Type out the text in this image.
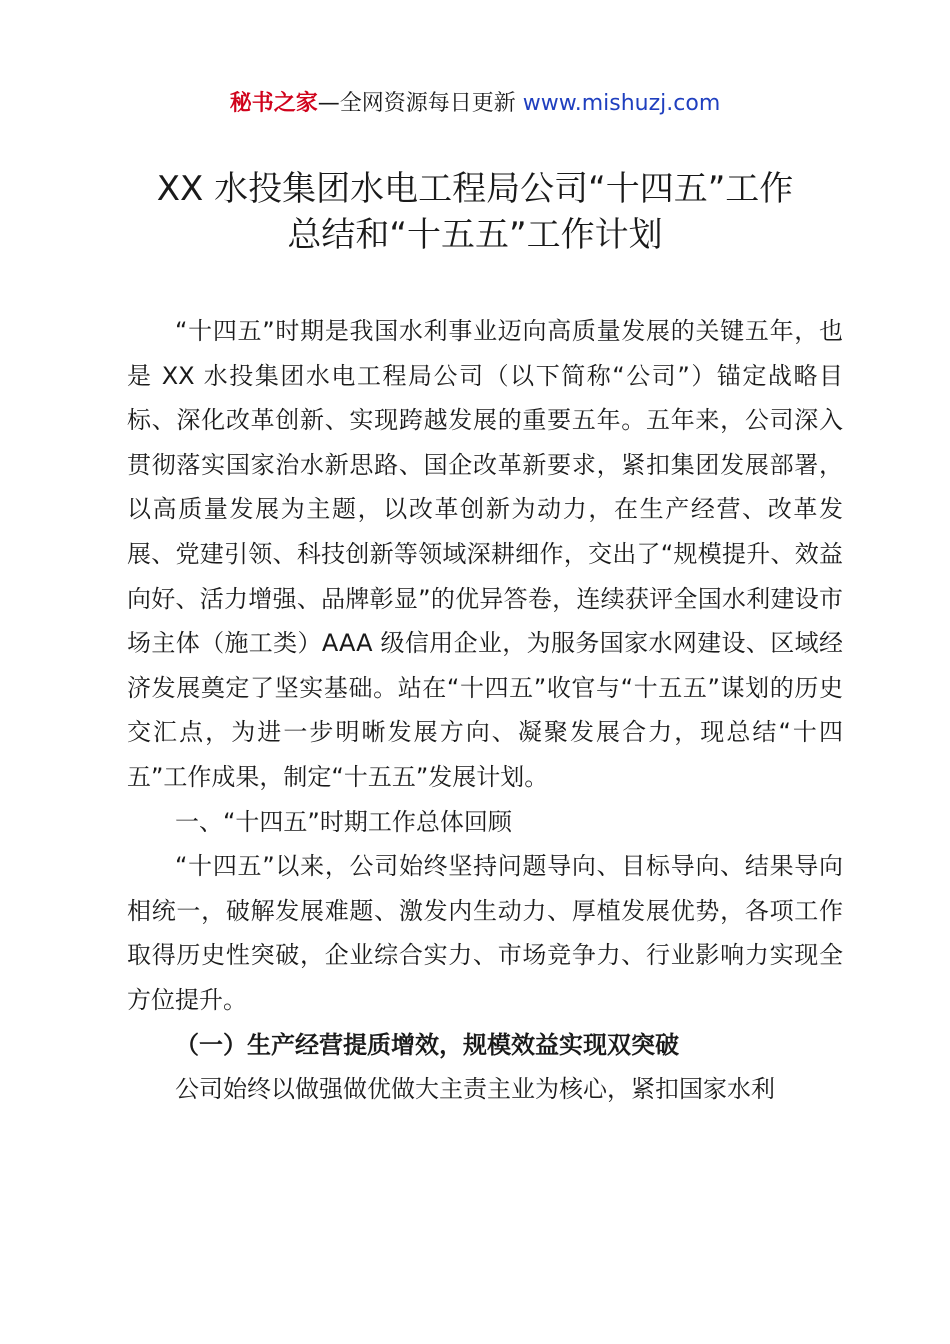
秘书之家—全网资源每日更新 www.mishuzj.com
XX 水投集团水电工程局公司“十四五”工作
总结和“十五五”工作计划

“十四五”时期是我国水利事业迈向高质量发展的关键五年，也是 XX 水投集团水电工程局公司（以下简称“公司”）锚定战略目标、深化改革创新、实现跨越发展的重要五年。五年来，公司深入贯彻落实国家治水新思路、国企改革新要求，紧扣集团发展部署，以高质量发展为主题，以改革创新为动力，在生产经营、改革发展、党建引领、科技创新等领域深耕细作，交出了“规模提升、效益向好、活力增强、品牌彰显”的优异答卷，连续获评全国水利建设市场主体（施工类）AAA 级信用企业，为服务国家水网建设、区域经济发展奠定了坚实基础。站在“十四五”收官与“十五五”谋划的历史交汇点，为进一步明晰发展方向、凝聚发展合力，现总结“十四五”工作成果，制定“十五五”发展计划。

一、“十四五”时期工作总体回顾

“十四五”以来，公司始终坚持问题导向、目标导向、结果导向相统一，破解发展难题、激发内生动力、厚植发展优势，各项工作取得历史性突破，企业综合实力、市场竞争力、行业影响力实现全方位提升。

（一）生产经营提质增效，规模效益实现双突破

公司始终以做强做优做大主责主业为核心，紧扣国家水利
